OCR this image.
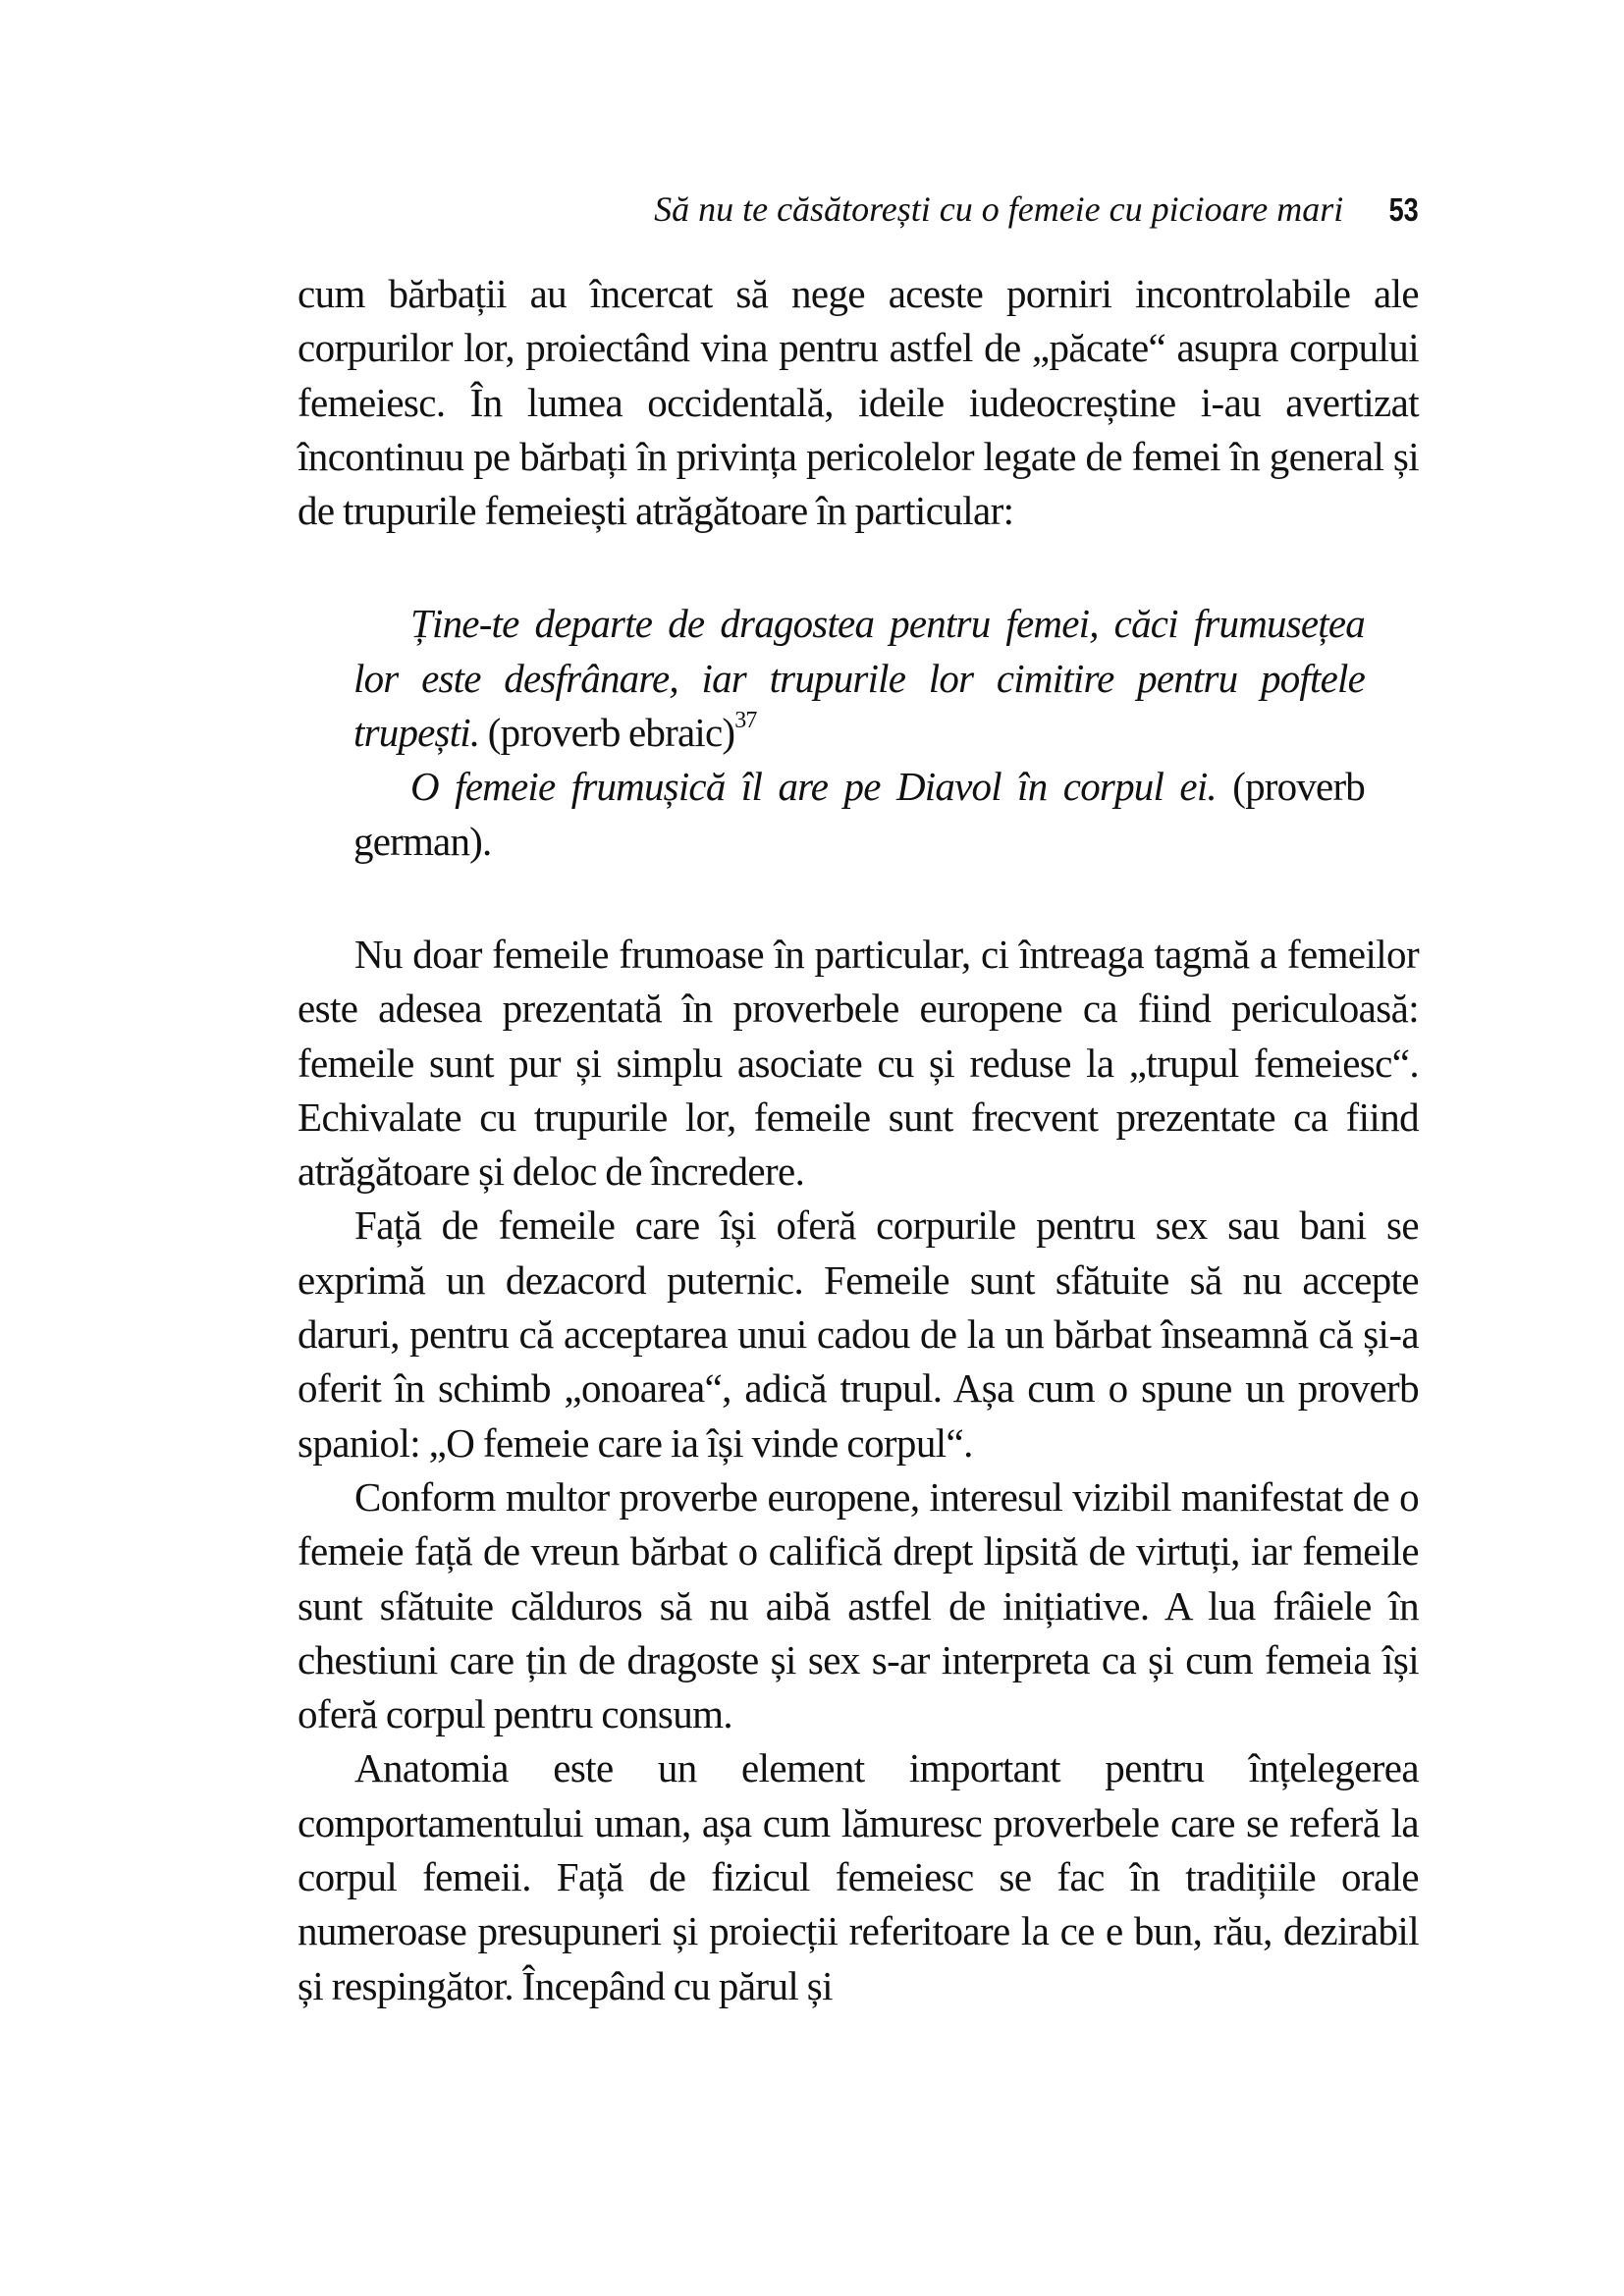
Să nu te căsătorești cu o femeie cu picioare mari 53

cum bărbații au încercat să nege aceste porniri incontrolabile ale corpurilor lor, proiectând vina pentru astfel de „păcate“ asupra corpului femeiesc. În lumea occidentală, ideile iudeocreștine i-au avertizat încontinuu pe bărbați în privința pericolelor legate de femei în general și de trupurile femeiești atrăgătoare în particular:

Ține-te departe de dragostea pentru femei, căci frumusețea lor este desfrânare, iar trupurile lor cimitire pentru poftele trupești. (proverb ebraic)$^{37}$

O femeie frumușică îl are pe Diavol în corpul ei. (proverb german).

Nu doar femeile frumoase în particular, ci întreaga tagmă a femeilor este adesea prezentată în proverbele europene ca fiind periculoasă: femeile sunt pur și simplu asociate cu și reduse la „trupul femeiesc“. Echivalate cu trupurile lor, femeile sunt frecvent prezentate ca fiind atrăgătoare și deloc de încredere.

Față de femeile care își oferă corpurile pentru sex sau bani se exprimă un dezacord puternic. Femeile sunt sfătuite să nu accepte daruri, pentru că acceptarea unui cadou de la un bărbat înseamnă că și-a oferit în schimb „onoarea“, adică trupul. Așa cum o spune un proverb spaniol: „O femeie care ia își vinde corpul“.

Conform multor proverbe europene, interesul vizibil manifestat de o femeie față de vreun bărbat o califică drept lipsită de virtuți, iar femeile sunt sfătuite călduros să nu aibă astfel de inițiative. A lua frâiele în chestiuni care țin de dragoste și sex s-ar interpreta ca și cum femeia își oferă corpul pentru consum.

Anatomia este un element important pentru înțelegerea comportamentului uman, așa cum lămuresc proverbele care se referă la corpul femeii. Față de fizicul femeiesc se fac în tradițiile orale numeroase presupuneri și proiecții referitoare la ce e bun, rău, dezirabil și respingător. Începând cu părul și
